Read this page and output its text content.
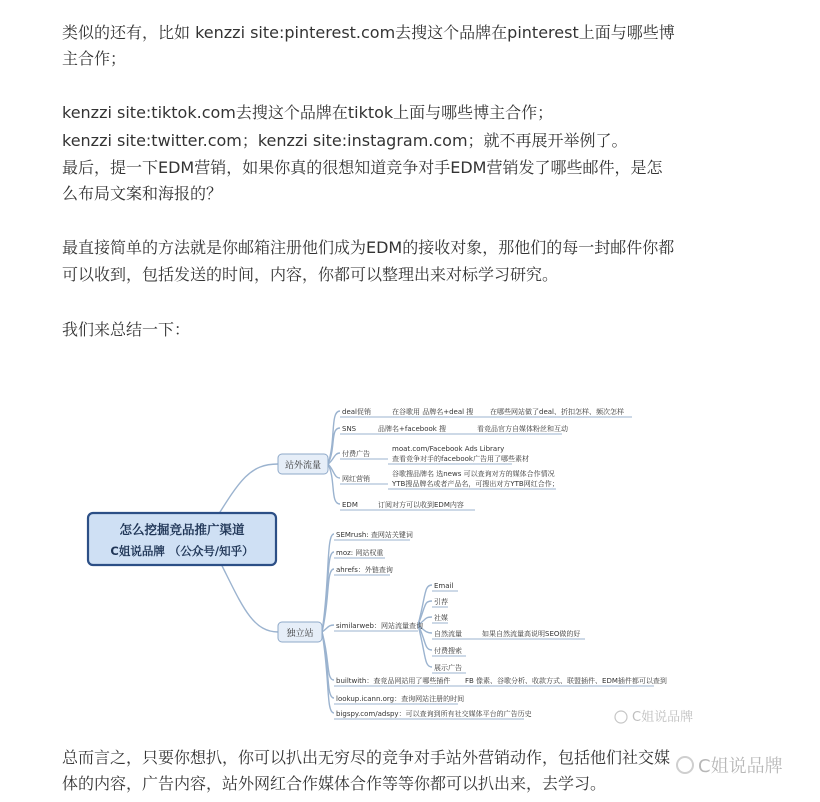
类似的还有，比如 kenzzi site:pinterest.com去搜这个品牌在pinterest上面与哪些博

主合作；

kenzzi site:tiktok.com去搜这个品牌在tiktok上面与哪些博主合作；

kenzzi site:twitter.com；kenzzi site:instagram.com；就不再展开举例了。

最后，提一下EDM营销，如果你真的很想知道竞争对手EDM营销发了哪些邮件，是怎

么布局文案和海报的？

最直接简单的方法就是你邮箱注册他们成为EDM的接收对象，那他们的每一封邮件你都

可以收到，包括发送的时间，内容，你都可以整理出来对标学习研究。

我们来总结一下：

怎么挖掘竞品推广渠道
C姐说品牌 （公众号/知乎）
站外流量
独立站
deal促销	在谷歌用 品牌名+deal 搜 在哪些网站做了deal、折扣怎样、频次怎样
SNS	品牌名+facebook 搜	看竞品官方自媒体粉丝和互动
付费广告
moat.com/Facebook Ads Library
查看竞争对手的facebook广告用了哪些素材
网红营销
谷歌搜品牌名 选news 可以查询对方的媒体合作情况
YTB搜品牌名或者产品名，可搜出对方YTB网红合作；
EDM	订阅对方可以收到EDM内容
SEMrush: 查网站关键词
moz: 网站权重
ahrefs：外链查询
similarweb：网站流量查询
builtwith：查竞品网站用了哪些插件
lookup.icann.org：查询网站注册的时间
bigspy.com/adspy：可以查询到所有社交媒体平台的广告历史
FB 像素、谷歌分析、收款方式、联盟插件、EDM插件都可以查到
Email
引荐
社媒
自然流量	如果自然流量高说明SEO做的好
付费搜索
展示广告
C姐说品牌

总而言之，只要你想扒，你可以扒出无穷尽的竞争对手站外营销动作，包括他们社交媒

体的内容，广告内容，站外网红合作媒体合作等等你都可以扒出来，去学习。

C姐说品牌
